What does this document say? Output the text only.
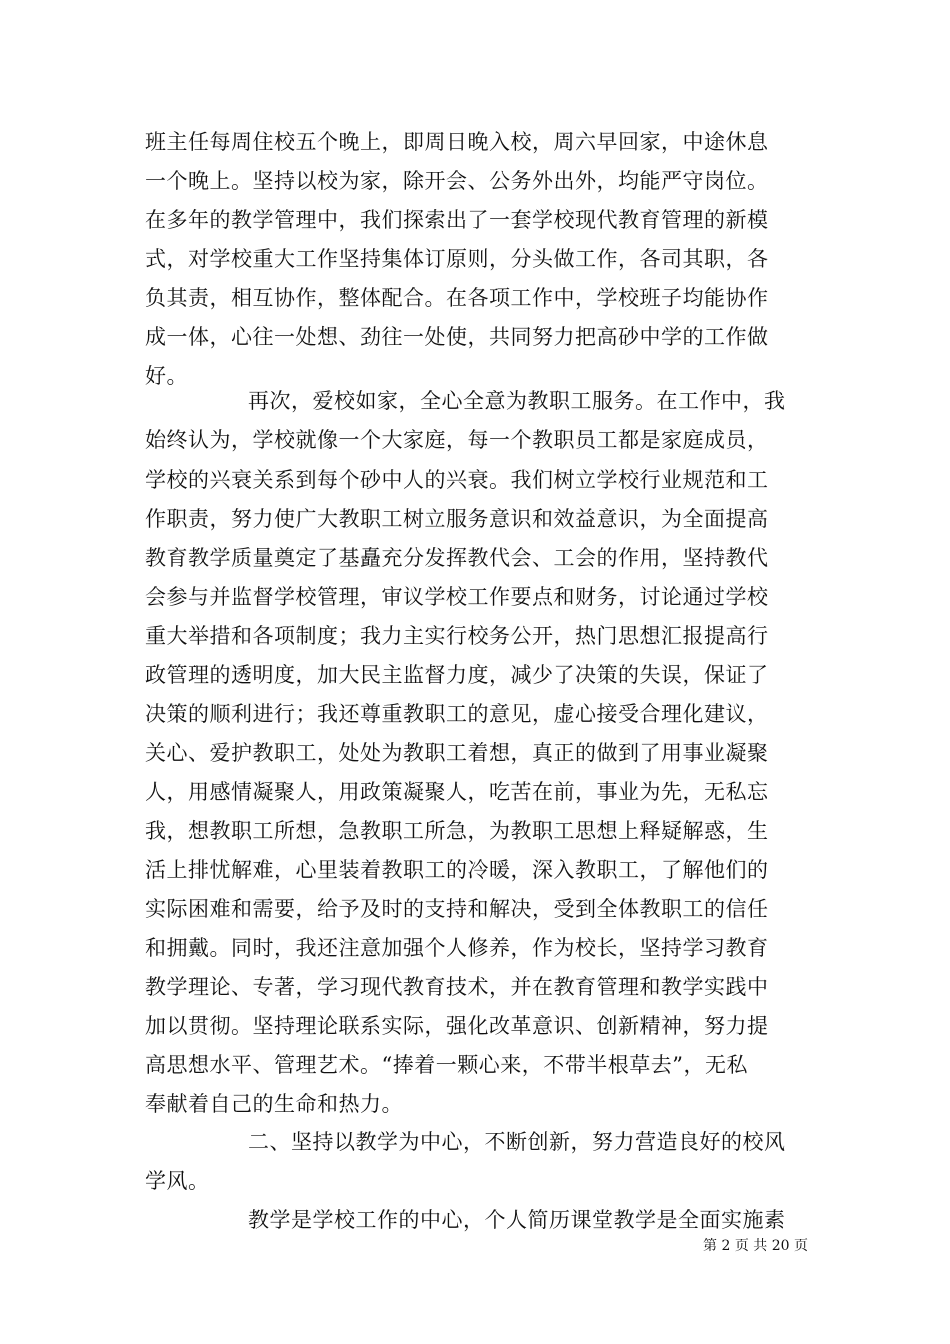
班主任每周住校五个晚上，即周日晚入校，周六早回家，中途休息
一个晚上。坚持以校为家，除开会、公务外出外，均能严守岗位。
在多年的教学管理中，我们探索出了一套学校现代教育管理的新模
式，对学校重大工作坚持集体订原则，分头做工作，各司其职，各
负其责，相互协作，整体配合。在各项工作中，学校班子均能协作
成一体，心往一处想、劲往一处使，共同努力把高砂中学的工作做
好。
再次，爱校如家，全心全意为教职工服务。在工作中，我
始终认为，学校就像一个大家庭，每一个教职员工都是家庭成员，
学校的兴衰关系到每个砂中人的兴衰。我们树立学校行业规范和工
作职责，努力使广大教职工树立服务意识和效益意识，为全面提高
教育教学质量奠定了基矗充分发挥教代会、工会的作用，坚持教代
会参与并监督学校管理，审议学校工作要点和财务，讨论通过学校
重大举措和各项制度；我力主实行校务公开，热门思想汇报提高行
政管理的透明度，加大民主监督力度，减少了决策的失误，保证了
决策的顺利进行；我还尊重教职工的意见，虚心接受合理化建议，
关心、爱护教职工，处处为教职工着想，真正的做到了用事业凝聚
人，用感情凝聚人，用政策凝聚人，吃苦在前，事业为先，无私忘
我，想教职工所想，急教职工所急，为教职工思想上释疑解惑，生
活上排忧解难，心里装着教职工的冷暖，深入教职工，了解他们的
实际困难和需要，给予及时的支持和解决，受到全体教职工的信任
和拥戴。同时，我还注意加强个人修养，作为校长，坚持学习教育
教学理论、专著，学习现代教育技术，并在教育管理和教学实践中
加以贯彻。坚持理论联系实际，强化改革意识、创新精神，努力提
高思想水平、管理艺术。“捧着一颗心来，不带半根草去”，无私
奉献着自己的生命和热力。
二、坚持以教学为中心，不断创新，努力营造良好的校风
学风。
教学是学校工作的中心，个人简历课堂教学是全面实施素
第 2 页 共 20 页
